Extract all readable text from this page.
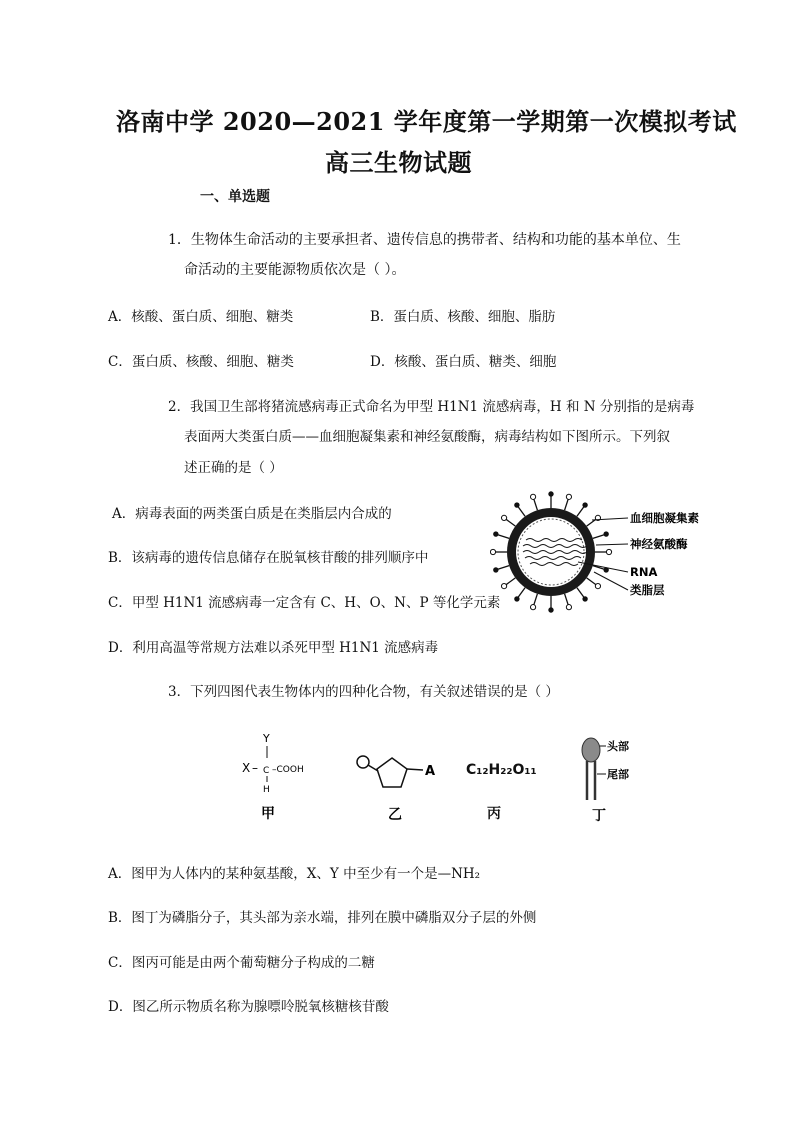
洛南中学 2020—2021 学年度第一学期第一次模拟考试
高三生物试题
一、单选题
1．生物体生命活动的主要承担者、遗传信息的携带者、结构和功能的基本单位、生
命活动的主要能源物质依次是（ ）。
A．核酸、蛋白质、细胞、糖类	B．蛋白质、核酸、细胞、脂肪
C．蛋白质、核酸、细胞、糖类	D．核酸、蛋白质、糖类、细胞
2．我国卫生部将猪流感病毒正式命名为甲型 H1N1 流感病毒，H 和 N 分别指的是病毒
表面两大类蛋白质——血细胞凝集素和神经氨酸酶，病毒结构如下图所示。下列叙
述正确的是（ ）
A．病毒表面的两类蛋白质是在类脂层内合成的
B．该病毒的遗传信息储存在脱氧核苷酸的排列顺序中
C．甲型 H1N1 流感病毒一定含有 C、H、O、N、P 等化学元素
D．利用高温等常规方法难以杀死甲型 H1N1 流感病毒
血细胞凝集素
神经氨酸酶
RNA
类脂层
3．下列四图代表生物体内的四种化合物，有关叙述错误的是（ ）
Y
X – C –COOH
H
甲
A
乙
C₁₂H₂₂O₁₁
丙
头部
尾部
丁
A．图甲为人体内的某种氨基酸，X、Y 中至少有一个是—NH₂
B．图丁为磷脂分子，其头部为亲水端，排列在膜中磷脂双分子层的外侧
C．图丙可能是由两个葡萄糖分子构成的二糖
D．图乙所示物质名称为腺嘌呤脱氧核糖核苷酸
